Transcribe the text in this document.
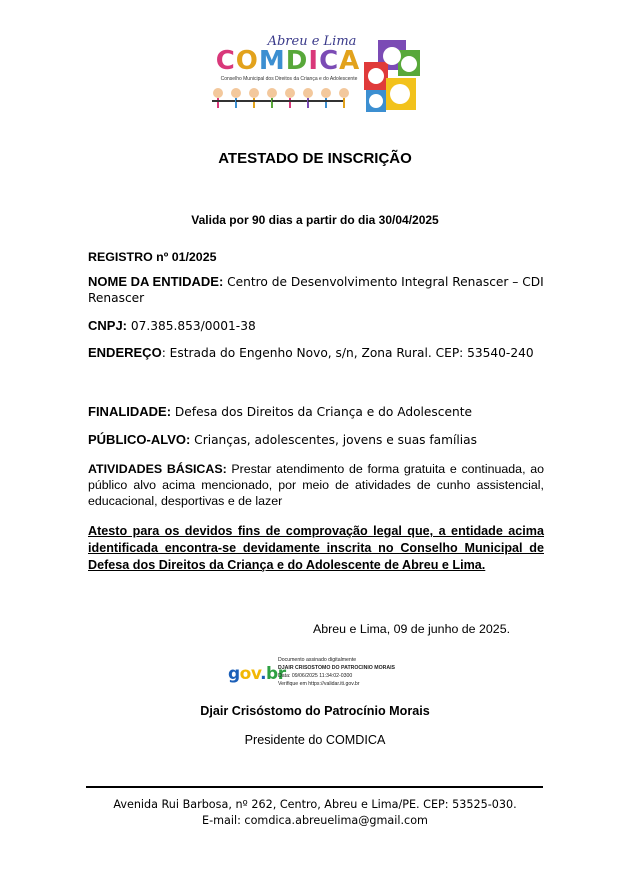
Abreu e Lima
COMDICA
Conselho Municipal dos Direitos da Criança e do Adolescente
ATESTADO DE INSCRIÇÃO
Valida por 90 dias a partir do dia 30/04/2025
REGISTRO nº 01/2025
NOME DA ENTIDADE: Centro de Desenvolvimento Integral Renascer – CDI Renascer
CNPJ: 07.385.853/0001-38
ENDEREÇO: Estrada do Engenho Novo, s/n, Zona Rural. CEP: 53540-240
FINALIDADE: Defesa dos Direitos da Criança e do Adolescente
PÚBLICO-ALVO: Crianças, adolescentes, jovens e suas famílias
ATIVIDADES BÁSICAS: Prestar atendimento de forma gratuita e continuada, ao público alvo acima mencionado, por meio de atividades de cunho assistencial, educacional, desportivas e de lazer
Atesto para os devidos fins de comprovação legal que, a entidade acima identificada encontra-se devidamente inscrita no Conselho Municipal de Defesa dos Direitos da Criança e do Adolescente de Abreu e Lima.
Abreu e Lima, 09 de junho de 2025.
gov.br
Documento assinado digitalmente
DJAIR CRISOSTOMO DO PATROCINIO MORAIS
Data: 09/06/2025 11:34:02-0300
Verifique em https://validar.iti.gov.br
Djair Crisóstomo do Patrocínio Morais
Presidente do COMDICA
Avenida Rui Barbosa, nº 262, Centro, Abreu e Lima/PE. CEP: 53525-030.
E-mail: comdica.abreuelima@gmail.com
